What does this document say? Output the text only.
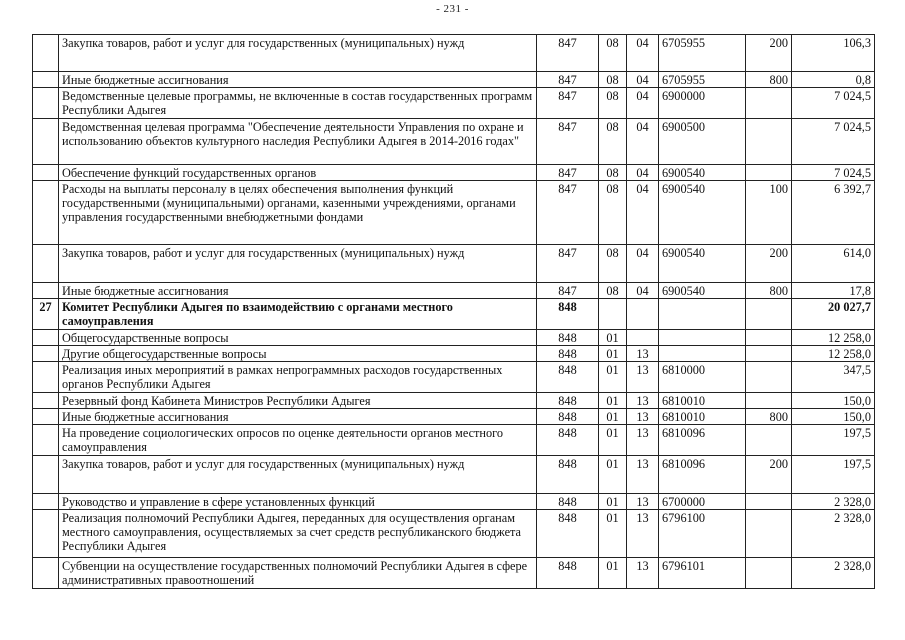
- 231 -
	Закупка товаров, работ и услуг для государственных (муниципальных) нужд	847	08	04	6705955	200	106,3
	Иные бюджетные ассигнования	847	08	04	6705955	800	0,8
	Ведомственные целевые программы, не включенные в состав государственных программ Республики Адыгея	847	08	04	6900000		7 024,5
	Ведомственная целевая программа "Обеспечение деятельности Управления по охране и использованию объектов культурного наследия Республики Адыгея в 2014-2016 годах"	847	08	04	6900500		7 024,5
	Обеспечение функций государственных органов	847	08	04	6900540		7 024,5
	Расходы на выплаты персоналу в целях обеспечения выполнения функций государственными (муниципальными) органами, казенными учреждениями, органами управления государственными внебюджетными фондами	847	08	04	6900540	100	6 392,7
	Закупка товаров, работ и услуг для государственных (муниципальных) нужд	847	08	04	6900540	200	614,0
	Иные бюджетные ассигнования	847	08	04	6900540	800	17,8
27	Комитет Республики Адыгея по взаимодействию с органами местного самоуправления	848					20 027,7
	Общегосударственные вопросы	848	01				12 258,0
	Другие общегосударственные вопросы	848	01	13			12 258,0
	Реализация иных мероприятий в рамках непрограммных расходов государственных органов Республики Адыгея	848	01	13	6810000		347,5
	Резервный фонд Кабинета Министров Республики Адыгея	848	01	13	6810010		150,0
	Иные бюджетные ассигнования	848	01	13	6810010	800	150,0
	На проведение социологических опросов по оценке деятельности органов местного самоуправления	848	01	13	6810096		197,5
	Закупка товаров, работ и услуг для государственных (муниципальных) нужд	848	01	13	6810096	200	197,5
	Руководство и управление в сфере установленных функций	848	01	13	6700000		2 328,0
	Реализация полномочий Республики Адыгея, переданных для осуществления органам местного самоуправления, осуществляемых за счет средств республиканского бюджета Республики Адыгея	848	01	13	6796100		2 328,0
	Субвенции на осуществление государственных полномочий Республики Адыгея в сфере административных правоотношений	848	01	13	6796101		2 328,0
